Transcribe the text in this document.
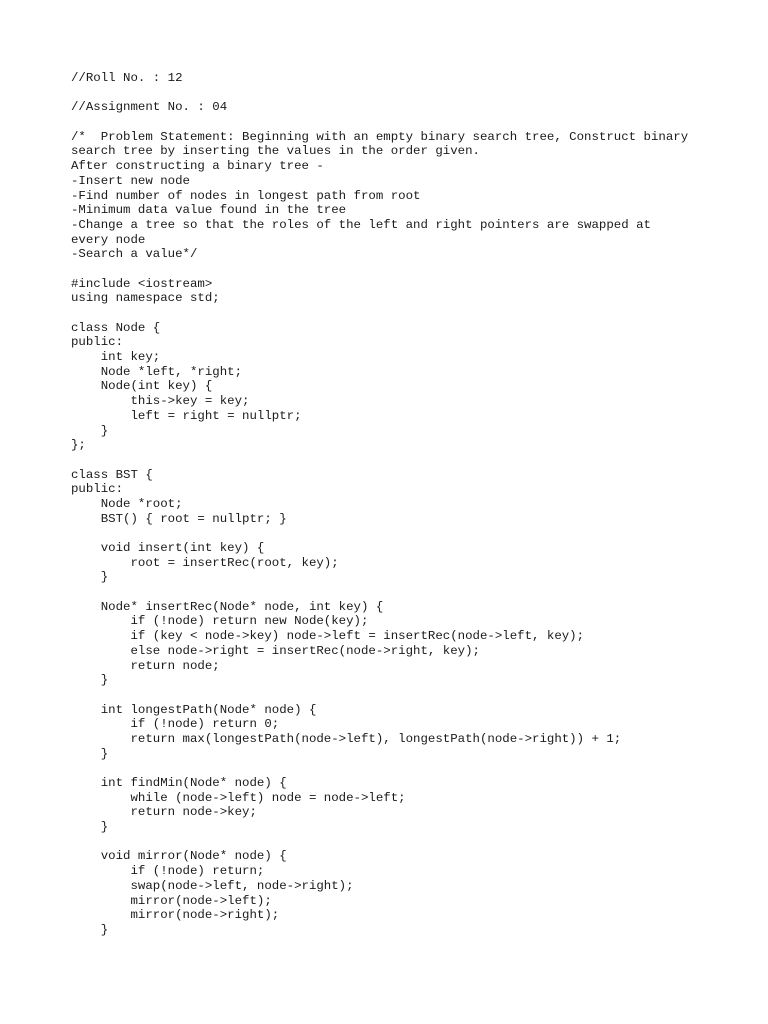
//Roll No. : 12

//Assignment No. : 04

/*  Problem Statement: Beginning with an empty binary search tree, Construct binary
search tree by inserting the values in the order given.
After constructing a binary tree -
-Insert new node
-Find number of nodes in longest path from root
-Minimum data value found in the tree
-Change a tree so that the roles of the left and right pointers are swapped at
every node
-Search a value*/

#include <iostream>
using namespace std;

class Node {
public:
int key;
Node *left, *right;
Node(int key) {
this->key = key;
left = right = nullptr;
}
};

class BST {
public:
Node *root;
BST() { root = nullptr; }

void insert(int key) {
root = insertRec(root, key);
}

Node* insertRec(Node* node, int key) {
if (!node) return new Node(key);
if (key < node->key) node->left = insertRec(node->left, key);
else node->right = insertRec(node->right, key);
return node;
}

int longestPath(Node* node) {
if (!node) return 0;
return max(longestPath(node->left), longestPath(node->right)) + 1;
}

int findMin(Node* node) {
while (node->left) node = node->left;
return node->key;
}

void mirror(Node* node) {
if (!node) return;
swap(node->left, node->right);
mirror(node->left);
mirror(node->right);
}
